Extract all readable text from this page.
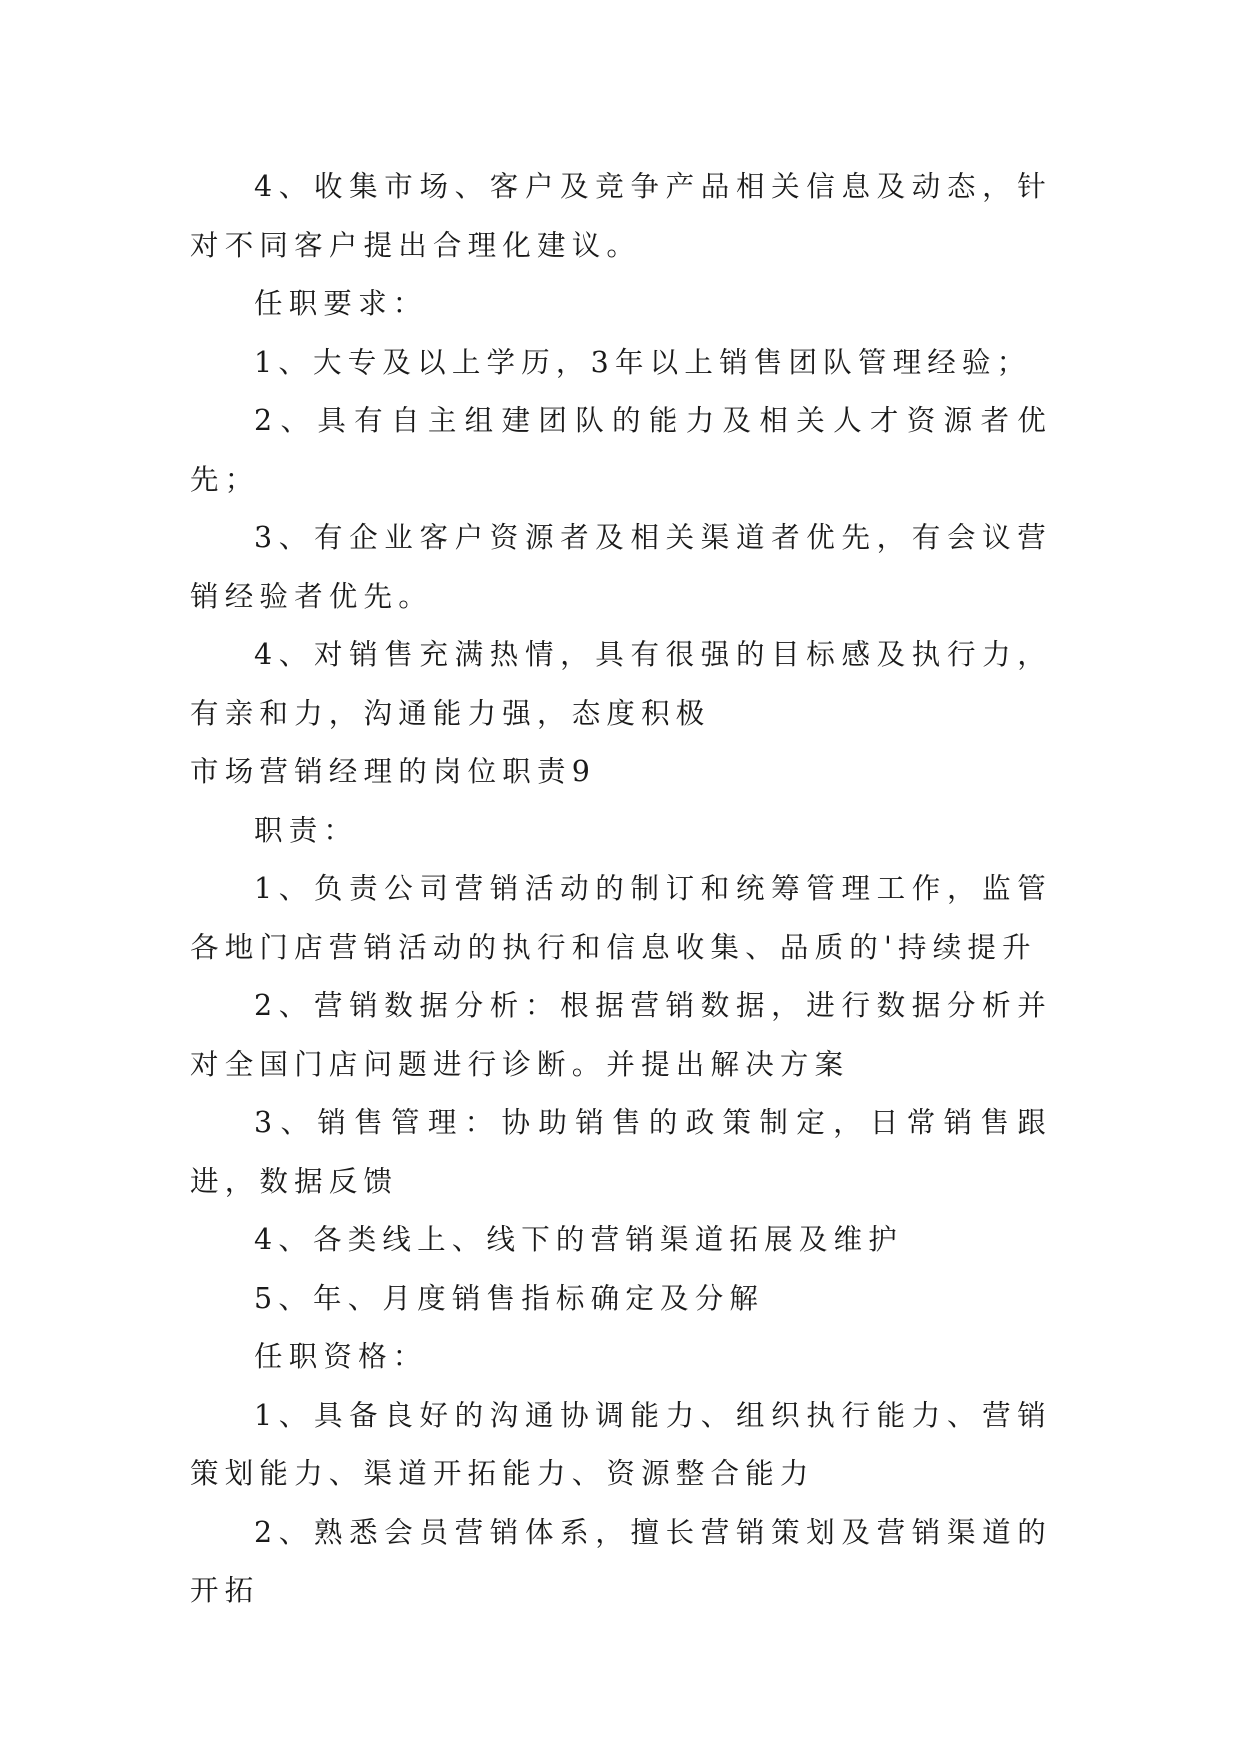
4、收集市场、客户及竞争产品相关信息及动态，针对不同客户提出合理化建议。

任职要求：

1、大专及以上学历，3年以上销售团队管理经验；

2、具有自主组建团队的能力及相关人才资源者优先；

3、有企业客户资源者及相关渠道者优先，有会议营销经验者优先。

4、对销售充满热情，具有很强的目标感及执行力，有亲和力，沟通能力强，态度积极

市场营销经理的岗位职责9

职责：

1、负责公司营销活动的制订和统筹管理工作，监管各地门店营销活动的执行和信息收集、品质的'持续提升

2、营销数据分析：根据营销数据，进行数据分析并对全国门店问题进行诊断。并提出解决方案

3、销售管理：协助销售的政策制定，日常销售跟进，数据反馈

4、各类线上、线下的营销渠道拓展及维护

5、年、月度销售指标确定及分解

任职资格：

1、具备良好的沟通协调能力、组织执行能力、营销策划能力、渠道开拓能力、资源整合能力

2、熟悉会员营销体系，擅长营销策划及营销渠道的开拓
